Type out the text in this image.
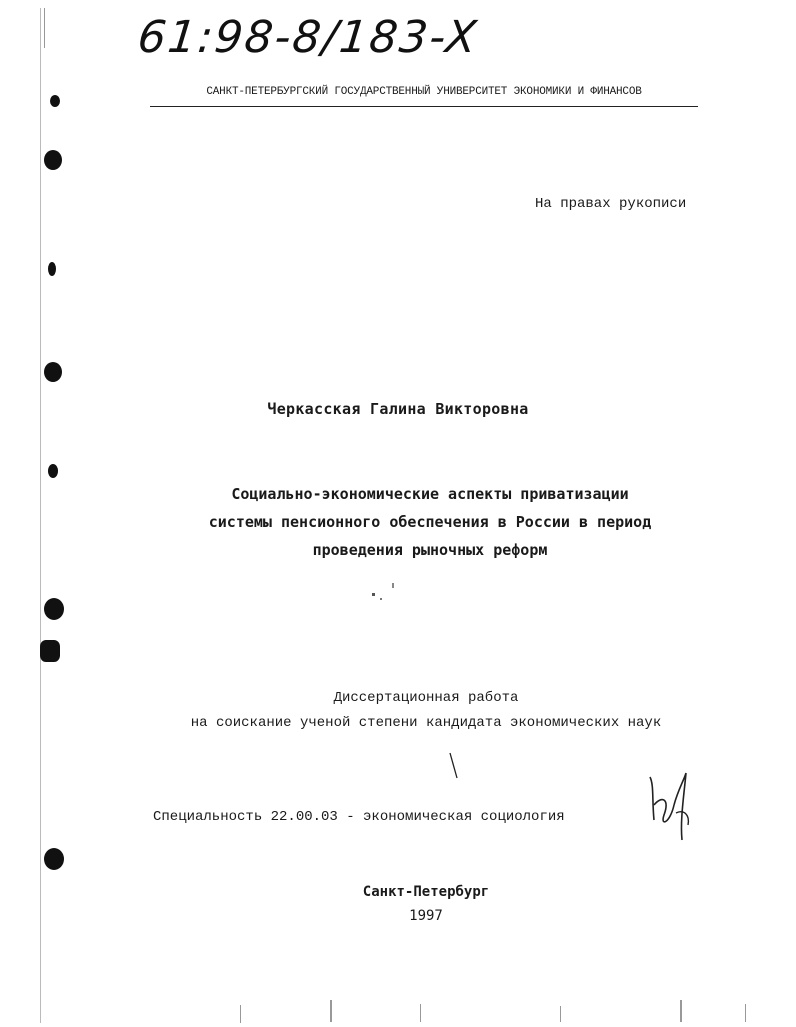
61:98-8/183-X
САНКТ-ПЕТЕРБУРГСКИЙ ГОСУДАРСТВЕННЫЙ УНИВЕРСИТЕТ ЭКОНОМИКИ И ФИНАНСОВ
На правах рукописи
Черкасская Галина Викторовна
Социально-экономические аспекты приватизации
системы пенсионного обеспечения в России в период
проведения рыночных реформ
Диссертационная работа
на соискание ученой степени кандидата экономических наук
Специальность 22.00.03 - экономическая социология
Санкт-Петербург
1997
